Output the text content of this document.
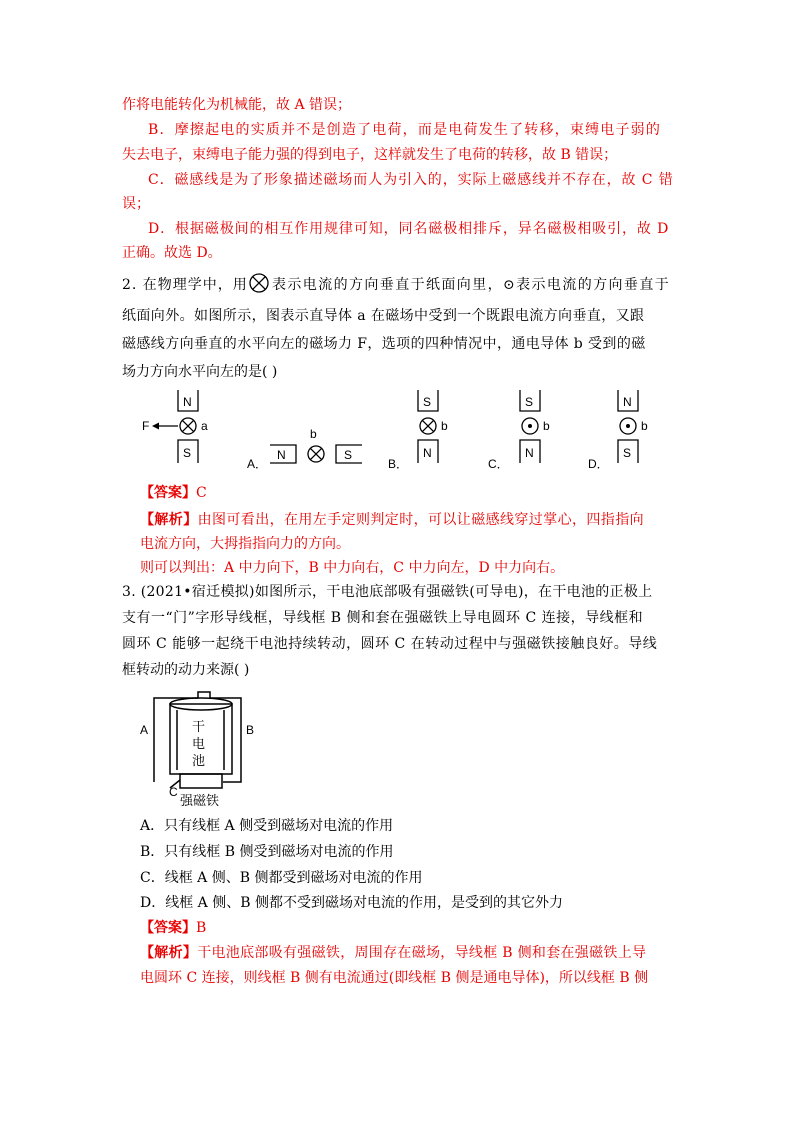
作将电能转化为机械能，故 A 错误；
B．摩擦起电的实质并不是创造了电荷，而是电荷发生了转移，束缚电子弱的
失去电子，束缚电子能力强的得到电子，这样就发生了电荷的转移，故 B 错误；
C．磁感线是为了形象描述磁场而人为引入的，实际上磁感线并不存在，故 C 错
误；
D．根据磁极间的相互作用规律可知，同名磁极相排斥，异名磁极相吸引，故 D
正确。故选 D。
2. 在物理学中，用 表示电流的方向垂直于纸面向里，⊙表示电流的方向垂直于
纸面向外。如图所示，图表示直导体 a 在磁场中受到一个既跟电流方向垂直，又跟
磁感线方向垂直的水平向左的磁场力 F，选项的四种情况中，通电导体 b 受到的磁
场力方向水平向左的是( )
N
S
F	a
A．
N	S
b
B．
S
N
b
C．
S
N
b
D．
N
S
b
【答案】C
【解析】由图可看出，在用左手定则判定时，可以让磁感线穿过掌心，四指指向
电流方向，大拇指指向力的方向。
则可以判出：A 中力向下，B 中力向右，C 中力向左，D 中力向右。
3. (2021•宿迁模拟)如图所示，干电池底部吸有强磁铁(可导电)，在干电池的正极上
支有一“门”字形导线框，导线框 B 侧和套在强磁铁上导电圆环 C 连接，导线框和
圆环 C 能够一起绕干电池持续转动，圆环 C 在转动过程中与强磁铁接触良好。导线
框转动的动力来源( )
A	B
C
干
电
池
强磁铁
A．只有线框 A 侧受到磁场对电流的作用
B．只有线框 B 侧受到磁场对电流的作用
C．线框 A 侧、B 侧都受到磁场对电流的作用
D．线框 A 侧、B 侧都不受到磁场对电流的作用，是受到的其它外力
【答案】B
【解析】干电池底部吸有强磁铁，周围存在磁场，导线框 B 侧和套在强磁铁上导
电圆环 C 连接，则线框 B 侧有电流通过(即线框 B 侧是通电导体)，所以线框 B 侧
